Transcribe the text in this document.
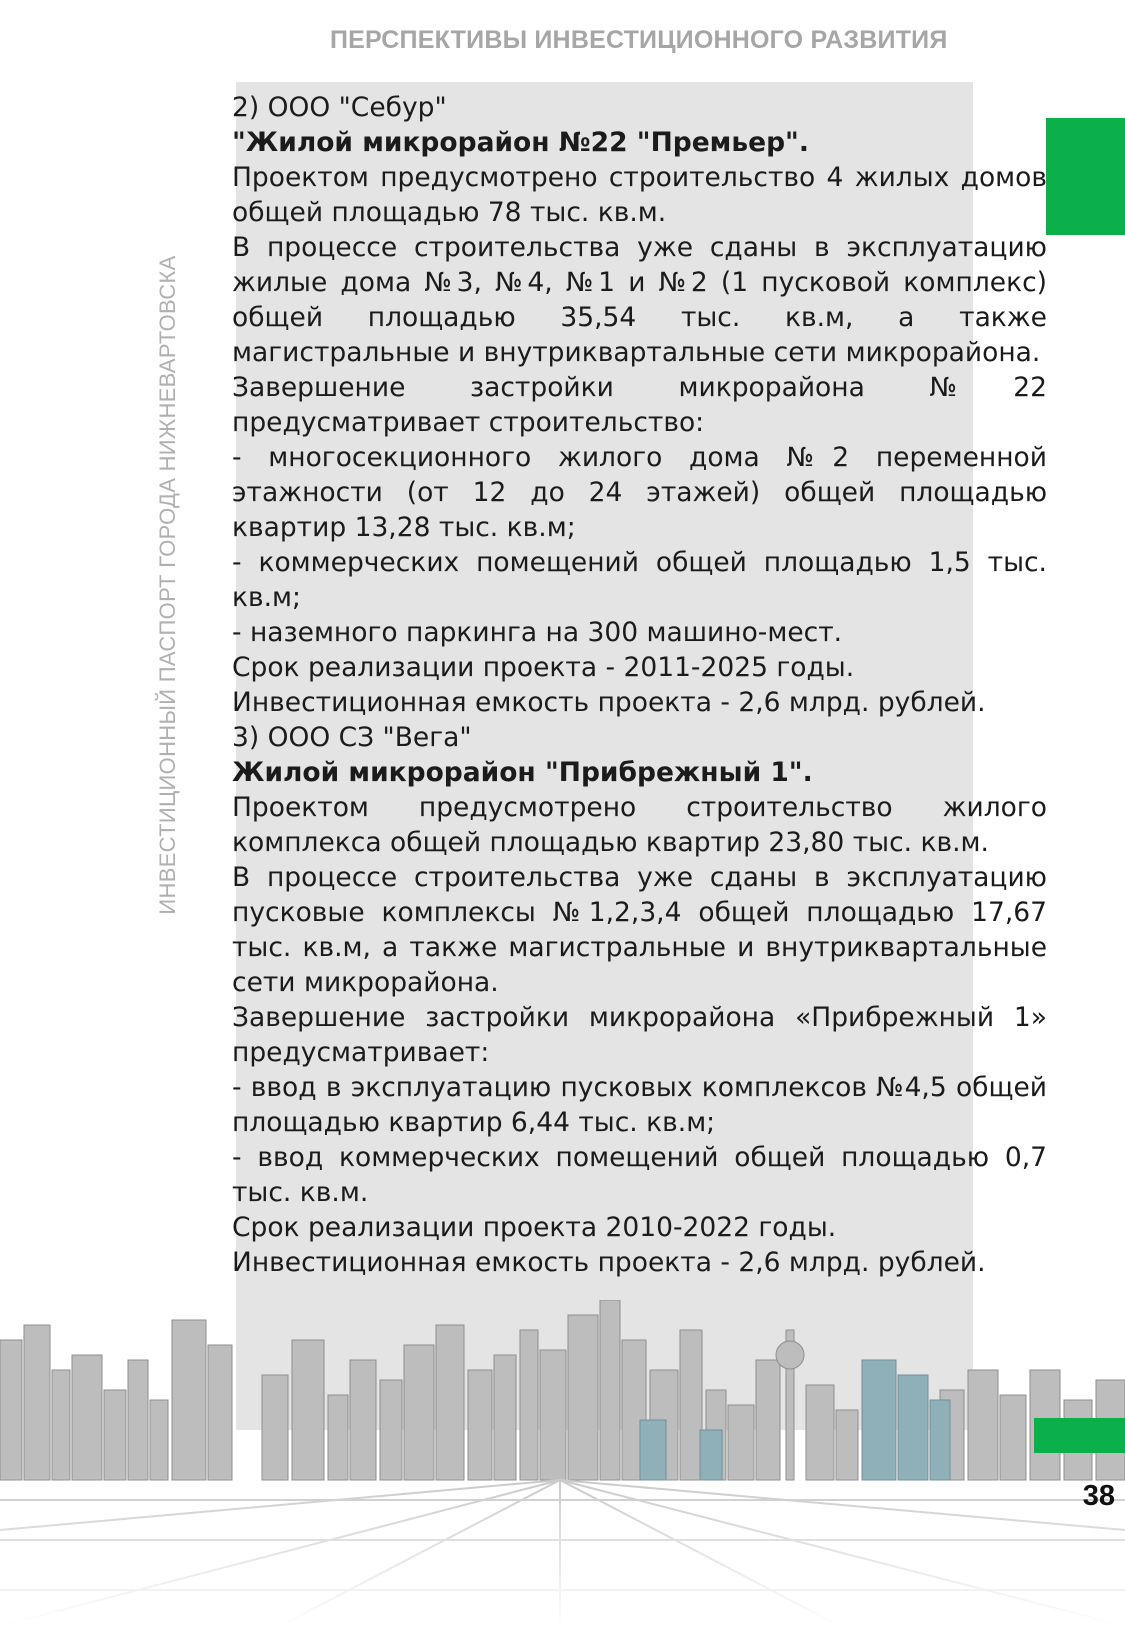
ПЕРСПЕКТИВЫ ИНВЕСТИЦИОННОГО РАЗВИТИЯ
ИНВЕСТИЦИОННЫЙ ПАСПОРТ ГОРОДА НИЖНЕВАРТОВСКА

2) ООО "Себур"

"Жилой микрорайон №22 "Премьер".

Проектом предусмотрено строительство 4 жилых домов общей площадью 78 тыс. кв.м.

В процессе строительства уже сданы в эксплуатацию жилые дома №3, №4, №1 и №2 (1 пусковой комплекс) общей площадью 35,54 тыс. кв.м, а также магистральные и внутриквартальные сети микрорайона.

Завершение застройки микрорайона №22 предусматривает строительство:

- многосекционного жилого дома №2 переменной этажности (от 12 до 24 этажей) общей площадью квартир 13,28 тыс. кв.м;

- коммерческих помещений общей площадью 1,5 тыс. кв.м;

- наземного паркинга на 300 машино-мест.

Срок реализации проекта - 2011-2025 годы.

Инвестиционная емкость проекта - 2,6 млрд. рублей.

3) ООО СЗ "Вега"

Жилой микрорайон "Прибрежный 1".

Проектом предусмотрено строительство жилого комплекса общей площадью квартир 23,80 тыс. кв.м.

В процессе строительства уже сданы в эксплуатацию пусковые комплексы №1,2,3,4 общей площадью 17,67 тыс. кв.м, а также магистральные и внутриквартальные сети микрорайона.

Завершение застройки микрорайона «Прибрежный 1» предусматривает:

- ввод в эксплуатацию пусковых комплексов №4,5 общей площадью квартир 6,44 тыс. кв.м;

- ввод коммерческих помещений общей площадью 0,7 тыс. кв.м.

Срок реализации проекта 2010-2022 годы.

Инвестиционная емкость проекта - 2,6 млрд. рублей.

38
